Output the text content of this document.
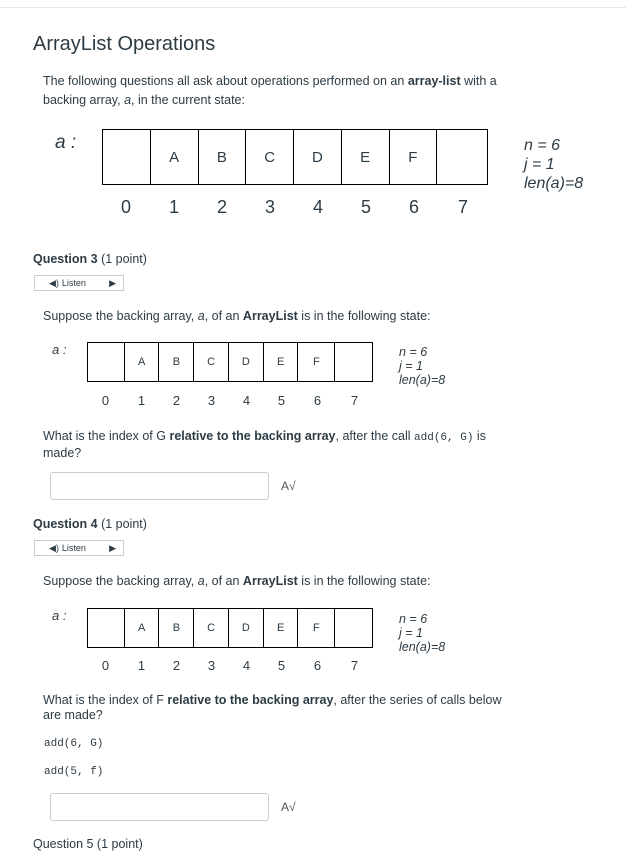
ArrayList Operations
The following questions all ask about operations performed on an array-list with a backing array, a, in the current state:
a :
A	B	C	D	E	F
0	1	2	3	4	5	6	7
n = 6
j = 1
len(a)=8
Question 3 (1 point)
◀) Listen	▶
Suppose the backing array, a, of an ArrayList is in the following state:
a :
A	B	C	D	E	F
0	1	2	3	4	5	6	7
n = 6
j = 1
len(a)=8
What is the index of G relative to the backing array, after the call add(6, G) is made?
A√
Question 4 (1 point)
◀) Listen	▶
Suppose the backing array, a, of an ArrayList is in the following state:
a :
A	B	C	D	E	F
0	1	2	3	4	5	6	7
n = 6
j = 1
len(a)=8
What is the index of F relative to the backing array, after the series of calls below are made?
add(6, G)
add(5, f)
A√
Question 5 (1 point)
